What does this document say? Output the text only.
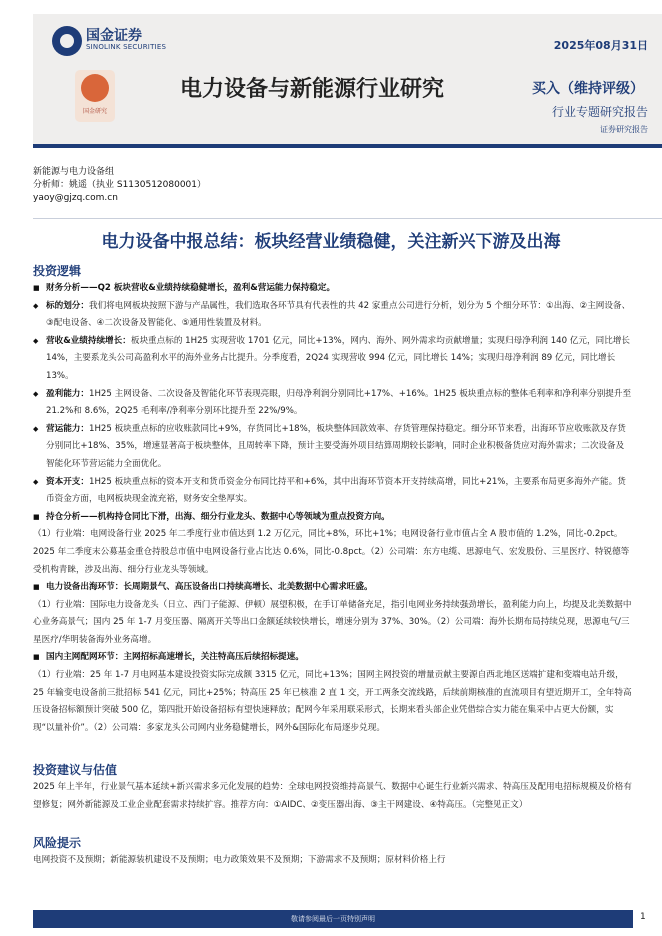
国金证券
SINOLINK SECURITIES	2025年08月31日
国金研究
电力设备与新能源行业研究	买入（维持评级）
行业专题研究报告
证券研究报告
新能源与电力设备组
分析师：姚遥（执业 S1130512080001）
yaoy@gjzq.com.cn
电力设备中报总结：板块经营业绩稳健，关注新兴下游及出海
投资逻辑

■ 财务分析——Q2 板块营收&业绩持续稳健增长，盈利&营运能力保持稳定。

◆ 标的划分：我们将电网板块按照下游与产品属性，我们选取各环节具有代表性的共 42 家重点公司进行分析，划分为 5 个细分环节：①出海、②主网设备、③配电设备、④二次设备及智能化、⑤通用性装置及材料。

◆ 营收&业绩持续增长：板块重点标的 1H25 实现营收 1701 亿元，同比+13%，网内、海外、网外需求均贡献增量；实现归母净利润 140 亿元，同比增长 14%，主要系龙头公司高盈利水平的海外业务占比提升。分季度看，2Q24 实现营收 994 亿元，同比增长 14%；实现归母净利润 89 亿元，同比增长 13%。

◆ 盈利能力：1H25 主网设备、二次设备及智能化环节表现亮眼，归母净利润分别同比+17%、+16%。1H25 板块重点标的整体毛利率和净利率分别提升至 21.2%和 8.6%，2Q25 毛利率/净利率分别环比提升至 22%/9%。

◆ 营运能力：1H25 板块重点标的应收账款同比+9%，存货同比+18%，板块整体回款效率、存货管理保持稳定。细分环节来看，出海环节应收账款及存货分别同比+18%、35%，增速显著高于板块整体，且周转率下降，预计主要受海外项目结算周期较长影响，同时企业积极备货应对海外需求；二次设备及智能化环节营运能力全面优化。

◆ 资本开支：1H25 板块重点标的资本开支和货币资金分布同比持平和+6%，其中出海环节资本开支持续高增，同比+21%，主要系布局更多海外产能。货币资金方面，电网板块现金流充裕，财务安全垫厚实。

■ 持仓分析——机构持仓同比下滑，出海、细分行业龙头、数据中心等领域为重点投资方向。

（1）行业端：电网设备行业 2025 年二季度行业市值达到 1.2 万亿元，同比+8%，环比+1%；电网设备行业市值占全 A 股市值的 1.2%，同比-0.2pct。2025 年二季度末公募基金重仓持股总市值中电网设备行业占比达 0.6%，同比-0.8pct。（2）公司端：东方电缆、思源电气、宏发股份、三星医疗、特锐德等受机构青睐，涉及出海、细分行业龙头等领域。

■ 电力设备出海环节：长周期景气、高压设备出口持续高增长、北美数据中心需求旺盛。

（1）行业端：国际电力设备龙头（日立、西门子能源、伊顿）展望积极，在手订单储备充足，指引电网业务持续强劲增长，盈利能力向上，均提及北美数据中心业务高景气；国内 25 年 1-7 月变压器、隔离开关等出口金额延续较快增长，增速分别为 37%、30%。（2）公司端：海外长期布局持续兑现，思源电气/三星医疗/华明装备海外业务高增。

■ 国内主网配网环节：主网招标高速增长，关注特高压后续招标提速。

（1）行业端：25 年 1-7 月电网基本建设投资实际完成额 3315 亿元，同比+13%；国网主网投资的增量贡献主要源自西北地区送端扩建和变端电站升级，25 年输变电设备前三批招标 541 亿元，同比+25%；特高压 25 年已核准 2 直 1 交，开工两条交流线路，后续前期核准的直流项目有望近期开工，全年特高压设备招标额预计突破 500 亿，第四批开始设备招标有望快速释放；配网今年采用联采形式，长期来看头部企业凭借综合实力能在集采中占更大份额，实现“以量补价”。（2）公司端：多家龙头公司网内业务稳健增长，网外&国际化布局逐步兑现。

投资建议与估值

2025 年上半年，行业景气基本延续+新兴需求多元化发展的趋势：全球电网投资维持高景气、数据中心诞生行业新兴需求、特高压及配用电招标规模及价格有望修复；网外新能源及工业企业配套需求持续扩容。推荐方向：①AIDC、②变压器出海、③主干网建设、④特高压。（完整见正文）

风险提示

电网投资不及预期；新能源装机建设不及预期；电力政策效果不及预期；下游需求不及预期；原材料价格上行

敬请参阅最后一页特别声明	1
